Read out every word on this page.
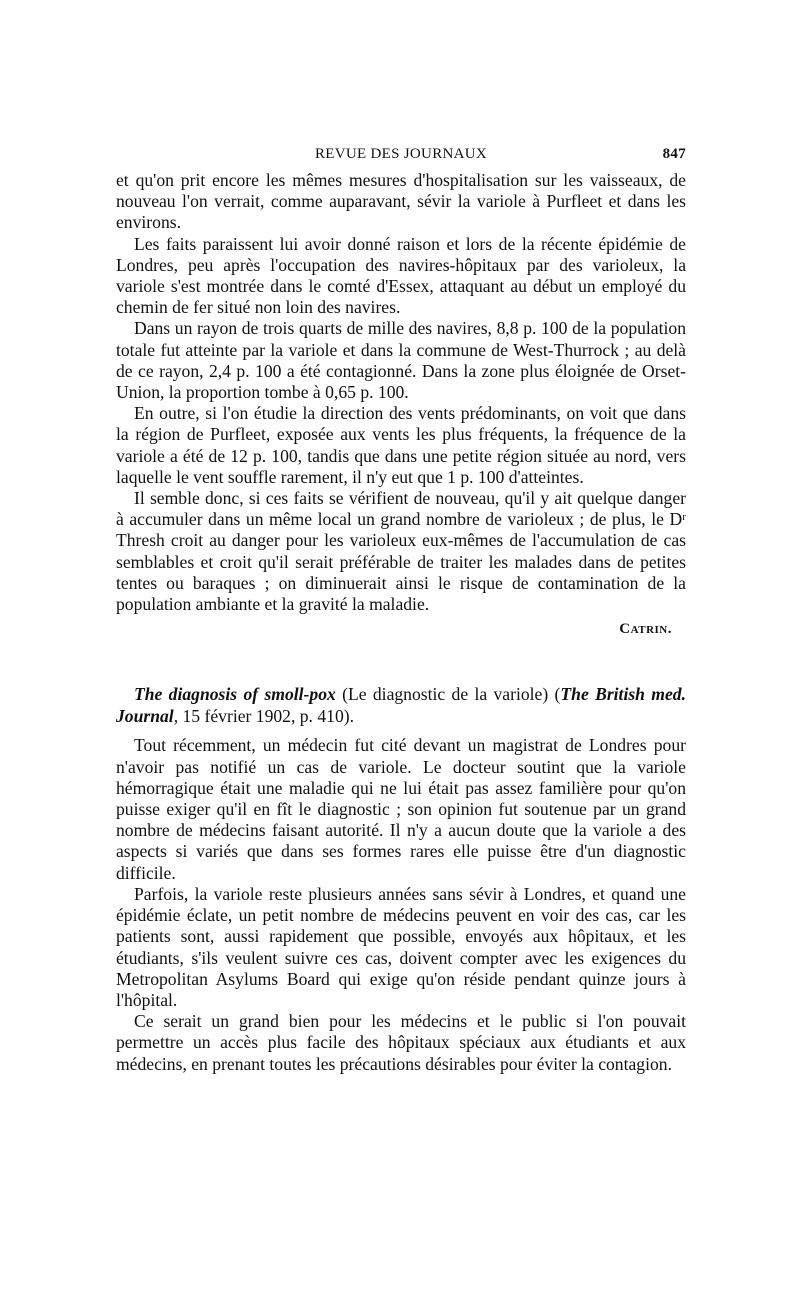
REVUE DES JOURNAUX	847

et qu'on prit encore les mêmes mesures d'hospitalisation sur les vaisseaux, de nouveau l'on verrait, comme auparavant, sévir la variole à Purfleet et dans les environs.

Les faits paraissent lui avoir donné raison et lors de la récente épidémie de Londres, peu après l'occupation des navires-hôpitaux par des varioleux, la variole s'est montrée dans le comté d'Essex, attaquant au début un employé du chemin de fer situé non loin des navires.

Dans un rayon de trois quarts de mille des navires, 8,8 p. 100 de la population totale fut atteinte par la variole et dans la commune de West-Thurrock ; au delà de ce rayon, 2,4 p. 100 a été contagionné. Dans la zone plus éloignée de Orset-Union, la proportion tombe à 0,65 p. 100.

En outre, si l'on étudie la direction des vents prédominants, on voit que dans la région de Purfleet, exposée aux vents les plus fréquents, la fréquence de la variole a été de 12 p. 100, tandis que dans une petite région située au nord, vers laquelle le vent souffle rarement, il n'y eut que 1 p. 100 d'atteintes.

Il semble donc, si ces faits se vérifient de nouveau, qu'il y ait quelque danger à accumuler dans un même local un grand nombre de varioleux ; de plus, le Dʳ Thresh croit au danger pour les varioleux eux-mêmes de l'accumulation de cas semblables et croit qu'il serait préférable de traiter les malades dans de petites tentes ou baraques ; on diminuerait ainsi le risque de contamination de la population ambiante et la gravité la maladie.

Catrin.
The diagnosis of smoll-pox (Le diagnostic de la variole) (The British med. Journal, 15 février 1902, p. 410).

Tout récemment, un médecin fut cité devant un magistrat de Londres pour n'avoir pas notifié un cas de variole. Le docteur soutint que la variole hémorragique était une maladie qui ne lui était pas assez familière pour qu'on puisse exiger qu'il en fît le diagnostic ; son opinion fut soutenue par un grand nombre de médecins faisant autorité. Il n'y a aucun doute que la variole a des aspects si variés que dans ses formes rares elle puisse être d'un diagnostic difficile.

Parfois, la variole reste plusieurs années sans sévir à Londres, et quand une épidémie éclate, un petit nombre de médecins peuvent en voir des cas, car les patients sont, aussi rapidement que possible, envoyés aux hôpitaux, et les étudiants, s'ils veulent suivre ces cas, doivent compter avec les exigences du Metropolitan Asylums Board qui exige qu'on réside pendant quinze jours à l'hôpital.

Ce serait un grand bien pour les médecins et le public si l'on pouvait permettre un accès plus facile des hôpitaux spéciaux aux étudiants et aux médecins, en prenant toutes les précautions désirables pour éviter la contagion.
